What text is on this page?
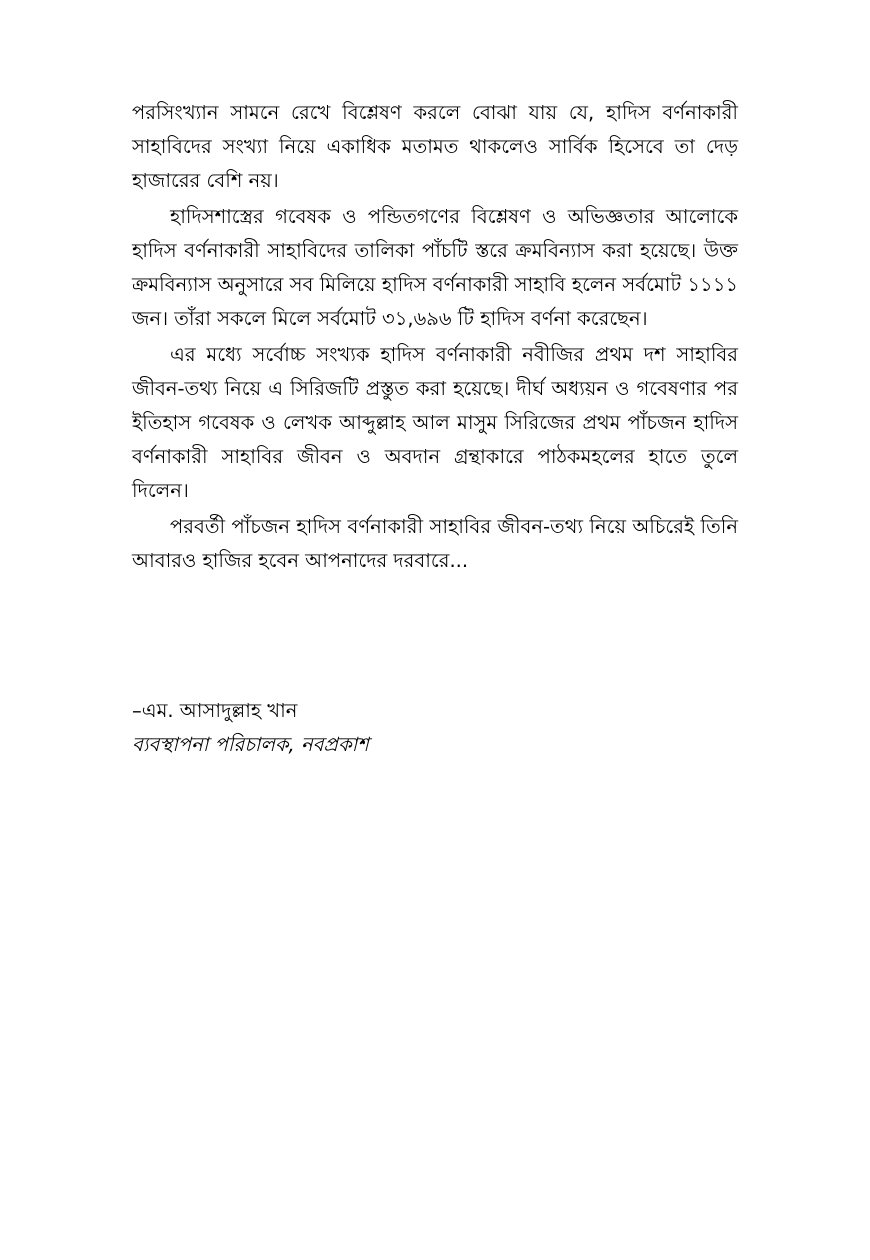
পরসিংখ্যান সামনে রেখে বিশ্লেষণ করলে বোঝা যায় যে, হাদিস বর্ণনাকারী সাহাবিদের সংখ্যা নিয়ে একাধিক মতামত থাকলেও সার্বিক হিসেবে তা দেড় হাজারের বেশি নয়।

হাদিসশাস্ত্রের গবেষক ও পন্ডিতগণের বিশ্লেষণ ও অভিজ্ঞতার আলোকে হাদিস বর্ণনাকারী সাহাবিদের তালিকা পাঁচটি স্তরে ক্রমবিন্যাস করা হয়েছে। উক্ত ক্রমবিন্যাস অনুসারে সব মিলিয়ে হাদিস বর্ণনাকারী সাহাবি হলেন সর্বমোট ১১১১ জন। তাঁরা সকলে মিলে সর্বমোট ৩১,৬৯৬ টি হাদিস বর্ণনা করেছেন।

এর মধ্যে সর্বোচ্চ সংখ্যক হাদিস বর্ণনাকারী নবীজির প্রথম দশ সাহাবির জীবন-তথ্য নিয়ে এ সিরিজটি প্রস্তুত করা হয়েছে। দীর্ঘ অধ্যয়ন ও গবেষণার পর ইতিহাস গবেষক ও লেখক আব্দুল্লাহ আল মাসুম সিরিজের প্রথম পাঁচজন হাদিস বর্ণনাকারী সাহাবির জীবন ও অবদান গ্রন্থাকারে পাঠকমহলের হাতে তুলে দিলেন।

পরবর্তী পাঁচজন হাদিস বর্ণনাকারী সাহাবির জীবন-তথ্য নিয়ে অচিরেই তিনি আবারও হাজির হবেন আপনাদের দরবারে...

–এম. আসাদুল্লাহ খান

ব্যবস্থাপনা পরিচালক, নবপ্রকাশ
